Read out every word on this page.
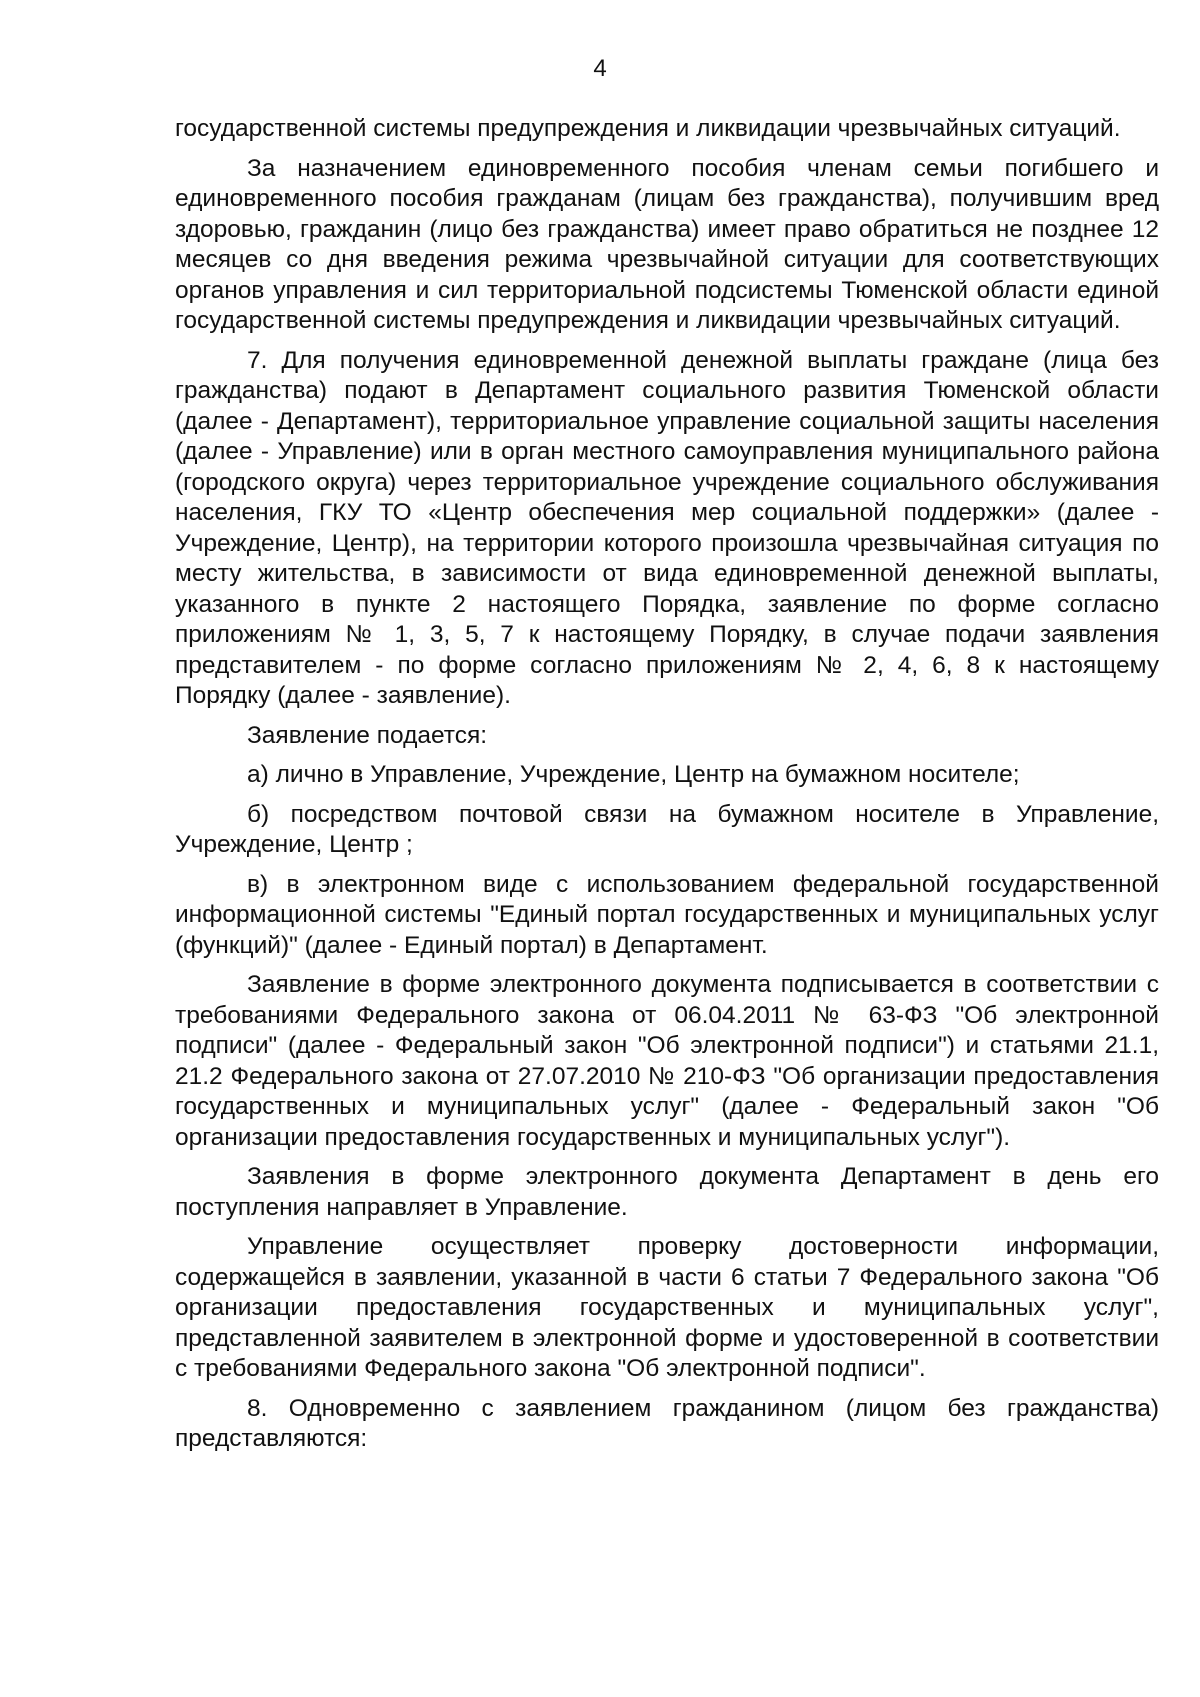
4

государственной системы предупреждения и ликвидации чрезвычайных ситуаций.

За назначением единовременного пособия членам семьи погибшего и единовременного пособия гражданам (лицам без гражданства), получившим вред здоровью, гражданин (лицо без гражданства) имеет право обратиться не позднее 12 месяцев со дня введения режима чрезвычайной ситуации для соответствующих органов управления и сил территориальной подсистемы Тюменской области единой государственной системы предупреждения и ликвидации чрезвычайных ситуаций.

7. Для получения единовременной денежной выплаты граждане (лица без гражданства) подают в Департамент социального развития Тюменской области (далее - Департамент), территориальное управление социальной защиты населения (далее - Управление) или в орган местного самоуправления муниципального района (городского округа) через территориальное учреждение социального обслуживания населения, ГКУ ТО «Центр обеспечения мер социальной поддержки» (далее - Учреждение, Центр), на территории которого произошла чрезвычайная ситуация по месту жительства, в зависимости от вида единовременной денежной выплаты, указанного в пункте 2 настоящего Порядка, заявление по форме согласно приложениям № 1, 3, 5, 7 к настоящему Порядку, в случае подачи заявления представителем - по форме согласно приложениям № 2, 4, 6, 8 к настоящему Порядку (далее - заявление).

Заявление подается:

а) лично в Управление, Учреждение, Центр на бумажном носителе;

б) посредством почтовой связи на бумажном носителе в Управление, Учреждение, Центр ;

в) в электронном виде с использованием федеральной государственной информационной системы "Единый портал государственных и муниципальных услуг (функций)" (далее - Единый портал) в Департамент.

Заявление в форме электронного документа подписывается в соответствии с требованиями Федерального закона от 06.04.2011 № 63-ФЗ "Об электронной подписи" (далее - Федеральный закон "Об электронной подписи") и статьями 21.1, 21.2 Федерального закона от 27.07.2010 № 210-ФЗ "Об организации предоставления государственных и муниципальных услуг" (далее - Федеральный закон "Об организации предоставления государственных и муниципальных услуг").

Заявления в форме электронного документа Департамент в день его поступления направляет в Управление.

Управление осуществляет проверку достоверности информации, содержащейся в заявлении, указанной в части 6 статьи 7 Федерального закона "Об организации предоставления государственных и муниципальных услуг", представленной заявителем в электронной форме и удостоверенной в соответствии с требованиями Федерального закона "Об электронной подписи".

8. Одновременно с заявлением гражданином (лицом без гражданства) представляются:
